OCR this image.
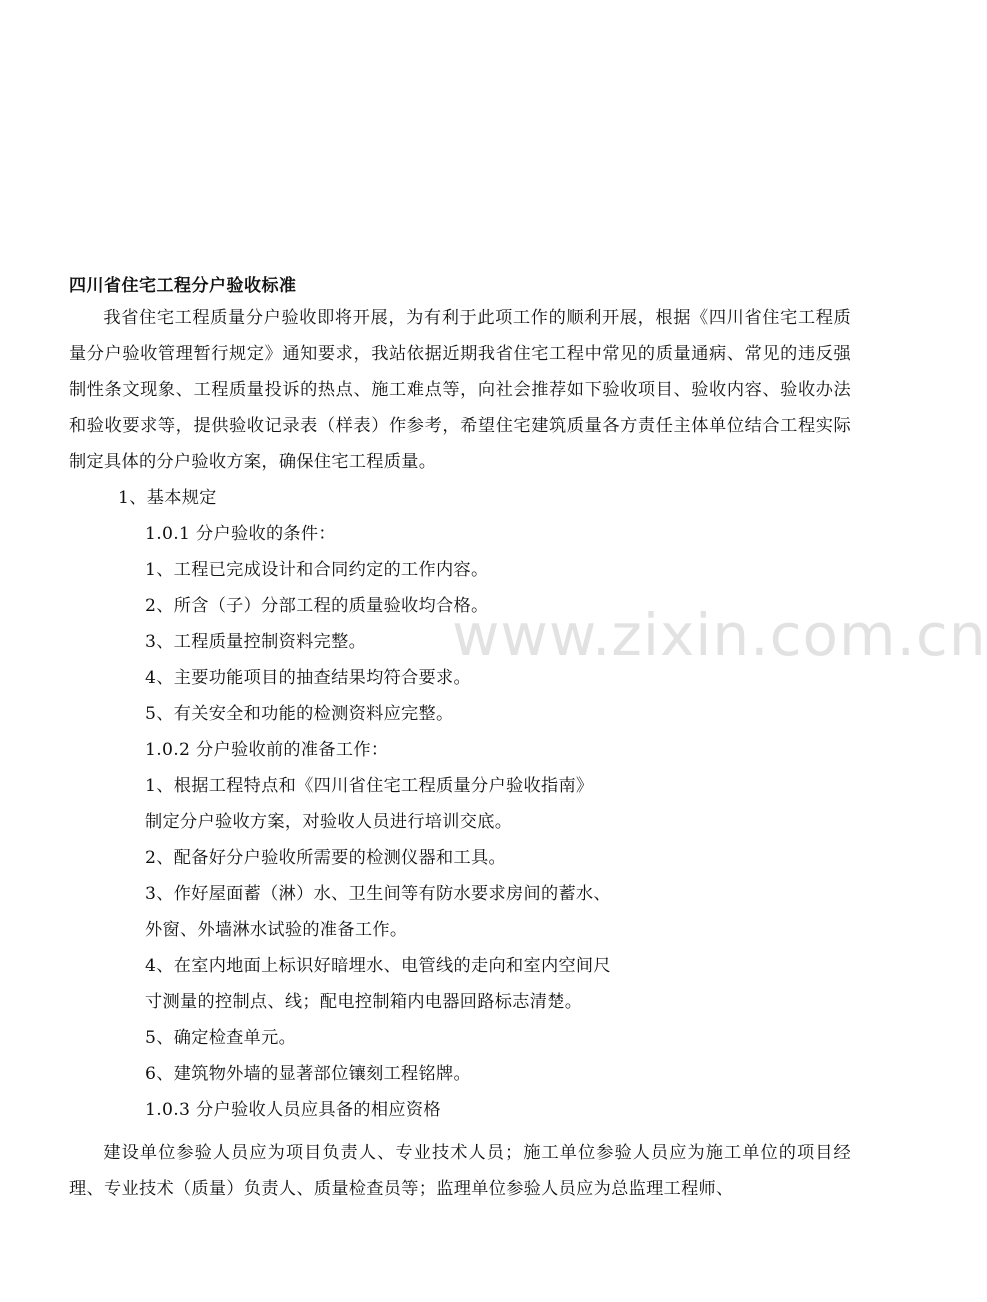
四川省住宅工程分户验收标准
我省住宅工程质量分户验收即将开展，为有利于此项工作的顺利开展，根据《四川省住宅工程质量分户验收管理暂行规定》通知要求，我站依据近期我省住宅工程中常见的质量通病、常见的违反强制性条文现象、工程质量投诉的热点、施工难点等，向社会推荐如下验收项目、验收内容、验收办法和验收要求等，提供验收记录表（样表）作参考，希望住宅建筑质量各方责任主体单位结合工程实际制定具体的分户验收方案，确保住宅工程质量。
1、基本规定
1.0.1 分户验收的条件：
1、工程已完成设计和合同约定的工作内容。
2、所含（子）分部工程的质量验收均合格。
3、工程质量控制资料完整。
4、主要功能项目的抽查结果均符合要求。
5、有关安全和功能的检测资料应完整。
1.0.2 分户验收前的准备工作：
1、根据工程特点和《四川省住宅工程质量分户验收指南》
制定分户验收方案，对验收人员进行培训交底。
2、配备好分户验收所需要的检测仪器和工具。
3、作好屋面蓄（淋）水、卫生间等有防水要求房间的蓄水、
外窗、外墙淋水试验的准备工作。
4、在室内地面上标识好暗埋水、电管线的走向和室内空间尺
寸测量的控制点、线；配电控制箱内电器回路标志清楚。
5、确定检查单元。
6、建筑物外墙的显著部位镶刻工程铭牌。
1.0.3 分户验收人员应具备的相应资格
建设单位参验人员应为项目负责人、专业技术人员；施工单位参验人员应为施工单位的项目经理、专业技术（质量）负责人、质量检查员等；监理单位参验人员应为总监理工程师、
www.zixin.com.cn
